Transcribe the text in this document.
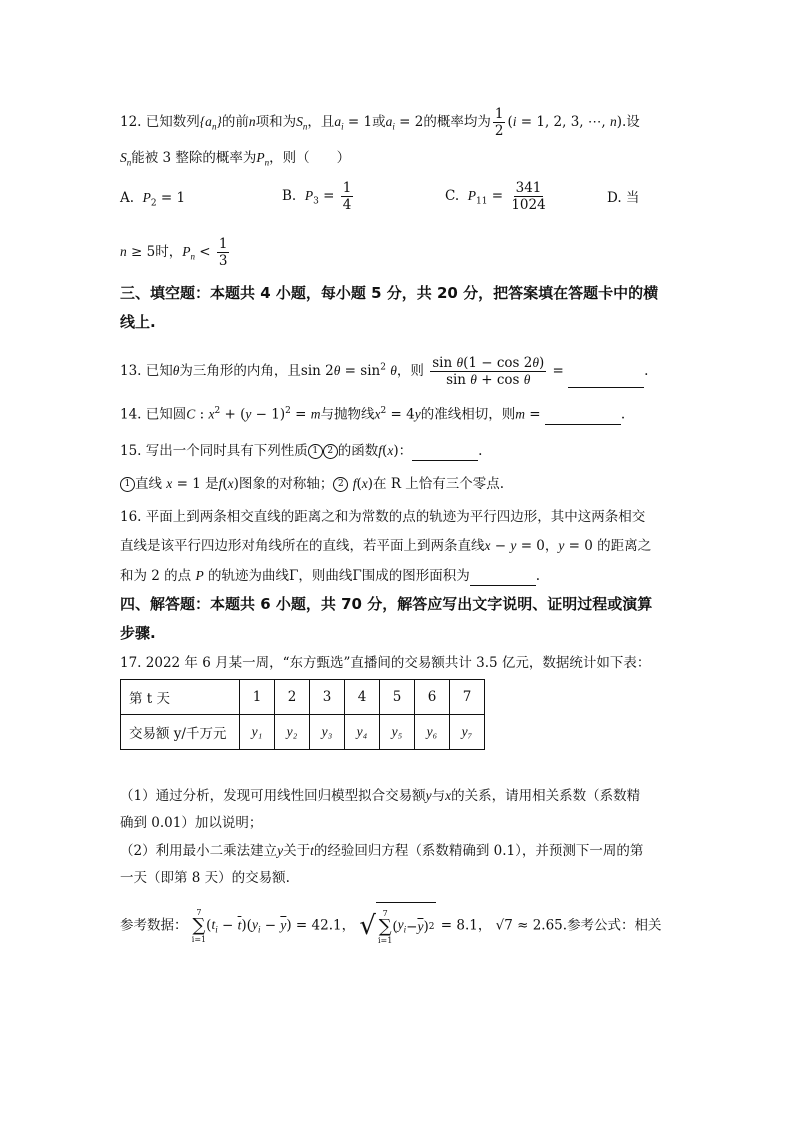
12. 已知数列$\{a_n\}$的前n项和为$S_n$，且$a_i = 1$或$a_i = 2$的概率均为 $\frac{1}{2} (i = 1$, 2, 3, ⋯, n).设
$S_n$能被 3 整除的概率为$P_n$，则（　　）
A. $P_2 = 1$	B. $P_3 = \frac{1}{4}$	C. $P_{11} = \frac{341}{1024}$	D. 当
n ≥ 5时，$P_n < \frac{1}{3}$
三、填空题：本题共 4 小题，每小题 5 分，共 20 分，把答案填在答题卡中的横
线上.
13. 已知θ为三角形的内角，且$\sin 2\theta = \sin^2 \theta$，则 $\frac{\text{sin θ(1 − cos 2θ)}}{\text{sin θ + cos θ}}$ =	.
14. 已知圆C : $x^2 + (y - 1)^2 = m$与抛物线$x^2 = 4y$的准线相切，则m =	.
15. 写出一个同时具有下列性质 1 2 的函数f(x)：	.
1 直线 x = 1 是f(x)图象的对称轴； 2 f(x)在 R 上恰有三个零点.
16. 平面上到两条相交直线的距离之和为常数的点的轨迹为平行四边形，其中这两条相交
直线是该平行四边形对角线所在的直线，若平面上到两条直线x − y = 0，y = 0 的距离之
和为 2 的点 P 的轨迹为曲线Γ，则曲线Γ围成的图形面积为	.
四、解答题：本题共 6 小题，共 70 分，解答应写出文字说明、证明过程或演算
步骤.
17. 2022 年 6 月某一周，“东方甄选”直播间的交易额共计 3.5 亿元，数据统计如下表：
第 t 天	1	2	3	4	5	6	7
交易额 y/千万元	y₁	y₂	y₃	y₄	y₅	y₆	y₇
（1）通过分析，发现可用线性回归模型拟合交易额y与x的关系，请用相关系数（系数精
确到 0.01）加以说明；
（2）利用最小二乘法建立y关于t的经验回归方程（系数精确到 0.1），并预测下一周的第
一天（即第 8 天）的交易额.
参考数据：
7
∑
i=1
$(t_i - \overline{t})(y_i - \overline{y}) = 42.1$， √ 7
∑
i=1
( $y_i - \overline{y}$ ) 2 = 8.1， √7 ≈ 2.65.参考公式：相关
